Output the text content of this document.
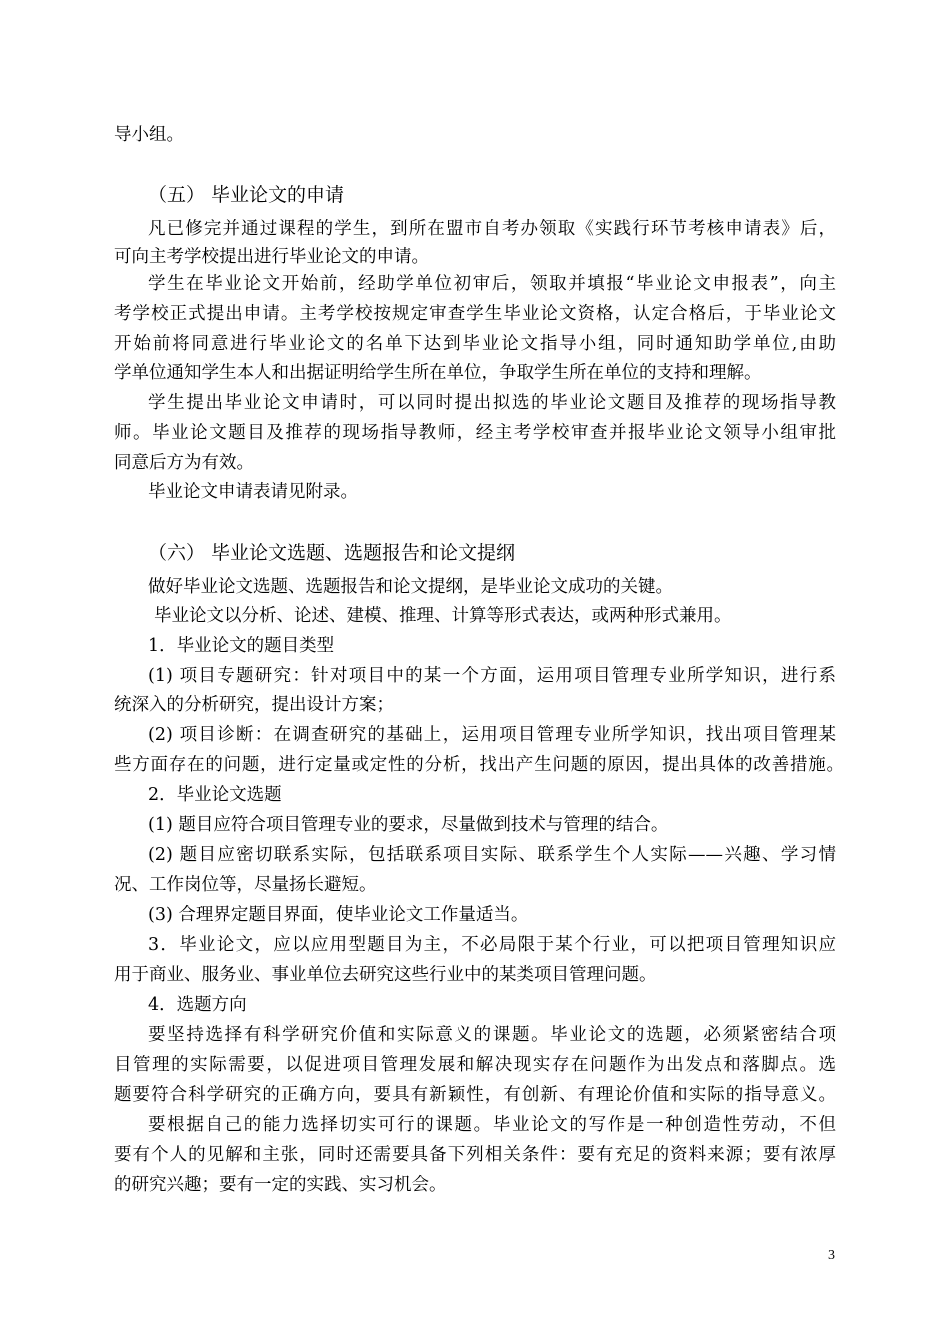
导小组。
（五） 毕业论文的申请
凡已修完并通过课程的学生，到所在盟市自考办领取《实践行环节考核申请表》后，
可向主考学校提出进行毕业论文的申请。
学生在毕业论文开始前，经助学单位初审后，领取并填报“毕业论文申报表”，向主
考学校正式提出申请。主考学校按规定审查学生毕业论文资格，认定合格后，于毕业论文
开始前将同意进行毕业论文的名单下达到毕业论文指导小组，同时通知助学单位,由助
学单位通知学生本人和出据证明给学生所在单位，争取学生所在单位的支持和理解。
学生提出毕业论文申请时，可以同时提出拟选的毕业论文题目及推荐的现场指导教
师。毕业论文题目及推荐的现场指导教师，经主考学校审查并报毕业论文领导小组审批
同意后方为有效。
毕业论文申请表请见附录。
（六） 毕业论文选题、选题报告和论文提纲
做好毕业论文选题、选题报告和论文提纲，是毕业论文成功的关键。
毕业论文以分析、论述、建模、推理、计算等形式表达，或两种形式兼用。
1．毕业论文的题目类型
(1) 项目专题研究：针对项目中的某一个方面，运用项目管理专业所学知识，进行系
统深入的分析研究，提出设计方案；
(2) 项目诊断：在调查研究的基础上，运用项目管理专业所学知识，找出项目管理某
些方面存在的问题，进行定量或定性的分析，找出产生问题的原因，提出具体的改善措施。
2．毕业论文选题
(1) 题目应符合项目管理专业的要求，尽量做到技术与管理的结合。
(2) 题目应密切联系实际，包括联系项目实际、联系学生个人实际——兴趣、学习情
况、工作岗位等，尽量扬长避短。
(3) 合理界定题目界面，使毕业论文工作量适当。
3．毕业论文，应以应用型题目为主，不必局限于某个行业，可以把项目管理知识应
用于商业、服务业、事业单位去研究这些行业中的某类项目管理问题。
4．选题方向
要坚持选择有科学研究价值和实际意义的课题。毕业论文的选题，必须紧密结合项
目管理的实际需要，以促进项目管理发展和解决现实存在问题作为出发点和落脚点。选
题要符合科学研究的正确方向，要具有新颖性，有创新、有理论价值和实际的指导意义。
要根据自己的能力选择切实可行的课题。毕业论文的写作是一种创造性劳动，不但
要有个人的见解和主张，同时还需要具备下列相关条件：要有充足的资料来源；要有浓厚
的研究兴趣；要有一定的实践、实习机会。
3
